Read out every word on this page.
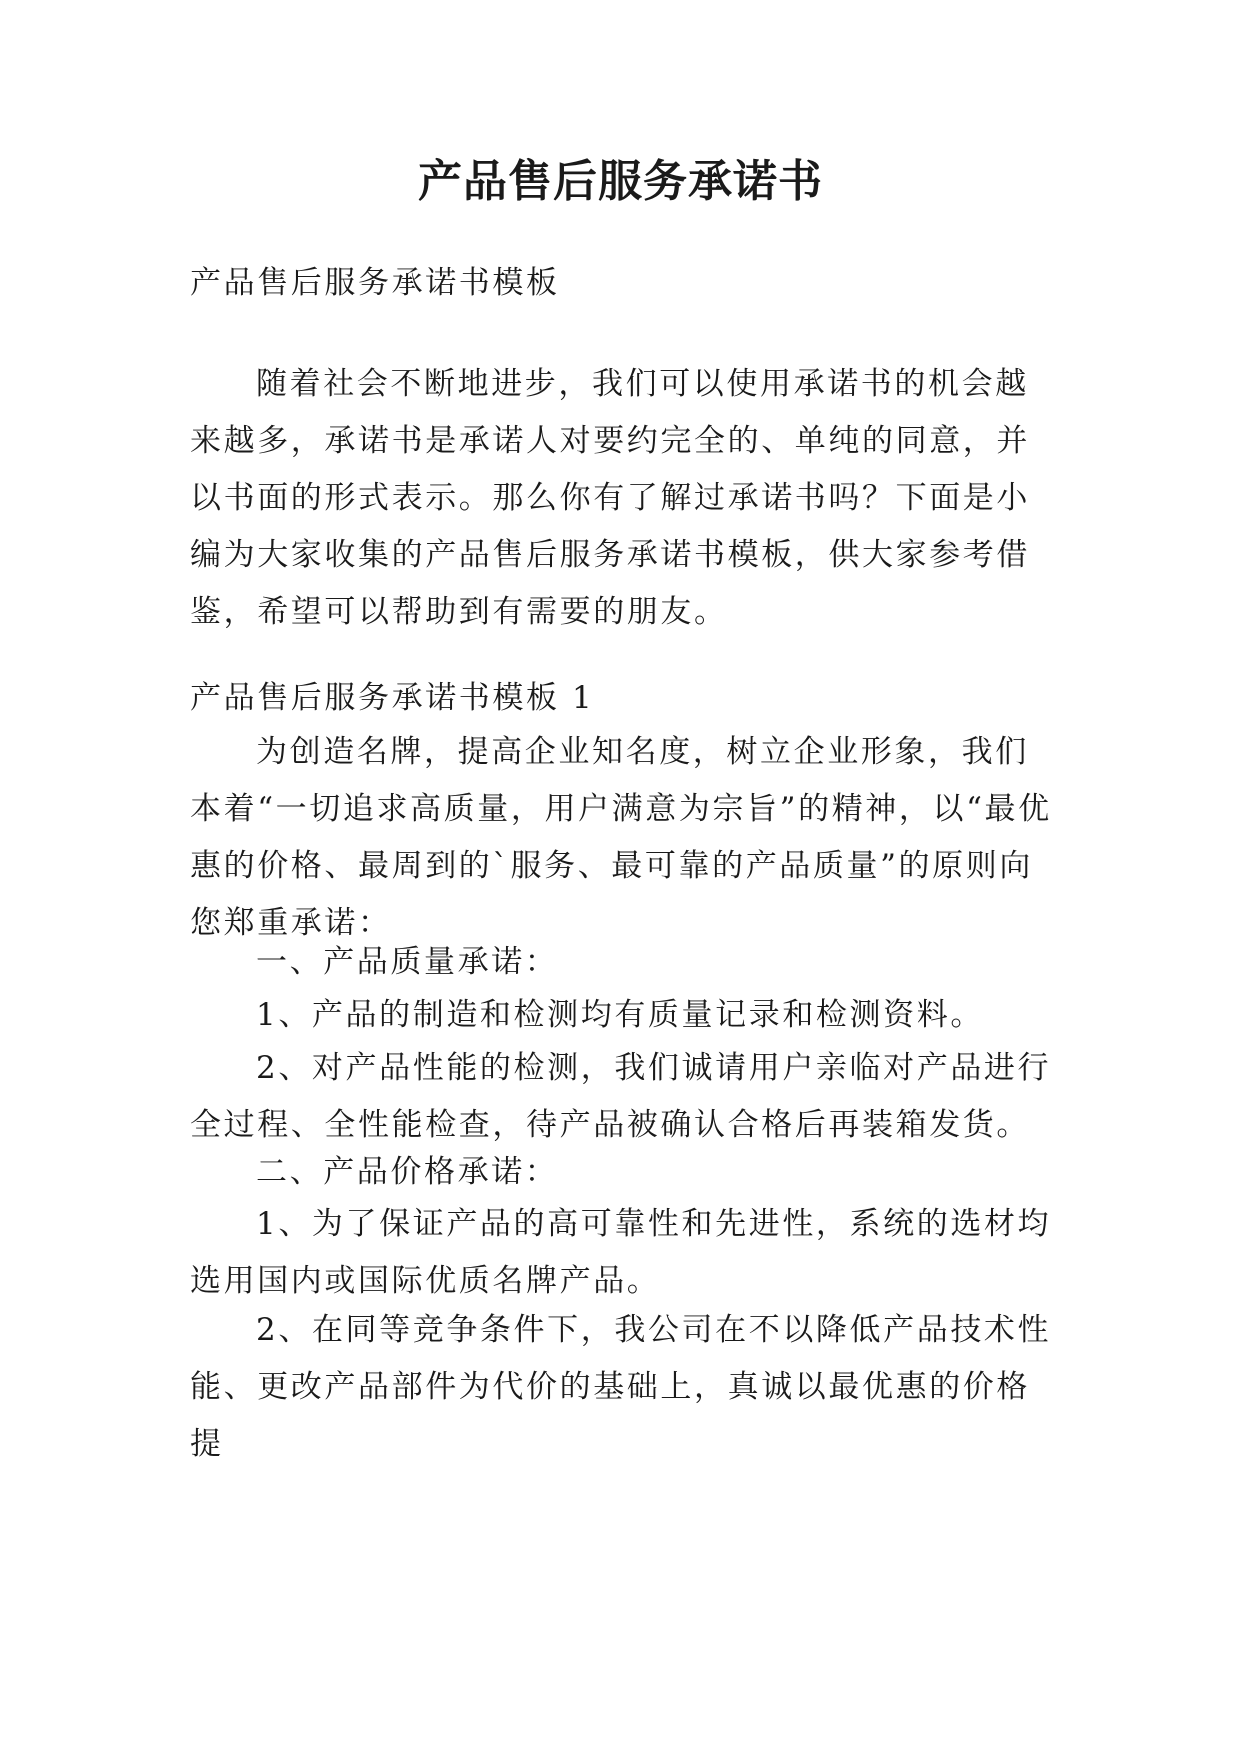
产品售后服务承诺书

产品售后服务承诺书模板

随着社会不断地进步，我们可以使用承诺书的机会越来越多，承诺书是承诺人对要约完全的、单纯的同意，并以书面的形式表示。那么你有了解过承诺书吗？下面是小编为大家收集的产品售后服务承诺书模板，供大家参考借鉴，希望可以帮助到有需要的朋友。

产品售后服务承诺书模板 1

为创造名牌，提高企业知名度，树立企业形象，我们本着“一切追求高质量，用户满意为宗旨”的精神，以“最优惠的价格、最周到的`服务、最可靠的产品质量”的原则向您郑重承诺：

一、产品质量承诺：

1、产品的制造和检测均有质量记录和检测资料。

2、对产品性能的检测，我们诚请用户亲临对产品进行全过程、全性能检查，待产品被确认合格后再装箱发货。

二、产品价格承诺：

1、为了保证产品的高可靠性和先进性，系统的选材均选用国内或国际优质名牌产品。

2、在同等竞争条件下，我公司在不以降低产品技术性能、更改产品部件为代价的基础上，真诚以最优惠的价格提
